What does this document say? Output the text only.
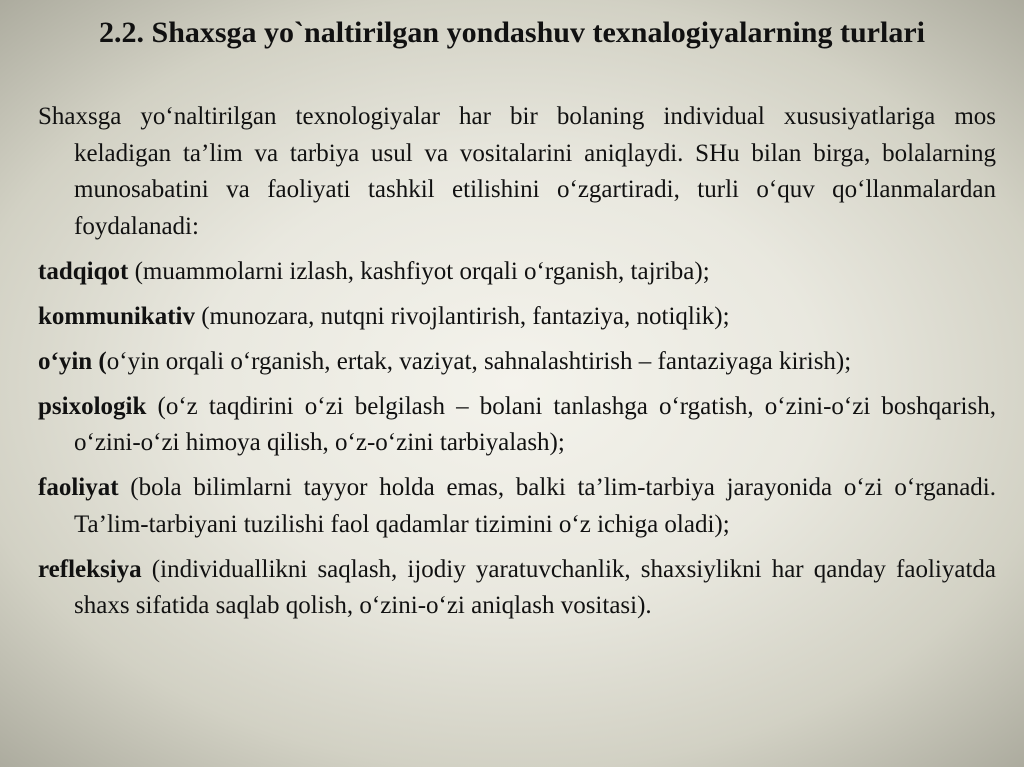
2.2. Shaxsga yo`naltirilgan yondashuv texnalogiyalarning turlari

Shaxsga yo‘naltirilgan texnologiyalar har bir bolaning individual xususiyatlariga mos keladigan ta’lim va tarbiya usul va vositalarini aniqlaydi. SHu bilan birga, bolalarning munosabatini va faoliyati tashkil etilishini o‘zgartiradi, turli o‘quv qo‘llanmalardan foydalanadi:

tadqiqot (muammolarni izlash, kashfiyot orqali o‘rganish, tajriba);

kommunikativ (munozara, nutqni rivojlantirish, fantaziya, notiqlik);

o‘yin (o‘yin orqali o‘rganish, ertak, vaziyat, sahnalashtirish – fantaziyaga kirish);

psixologik (o‘z taqdirini o‘zi belgilash – bolani tanlashga o‘rgatish, o‘zini-o‘zi boshqarish, o‘zini-o‘zi himoya qilish, o‘z-o‘zini tarbiyalash);

faoliyat (bola bilimlarni tayyor holda emas, balki ta’lim-tarbiya jarayonida o‘zi o‘rganadi. Ta’lim-tarbiyani tuzilishi faol qadamlar tizimini o‘z ichiga oladi);

refleksiya (individuallikni saqlash, ijodiy yaratuvchanlik, shaxsiylikni har qanday faoliyatda shaxs sifatida saqlab qolish, o‘zini-o‘zi aniqlash vositasi).
